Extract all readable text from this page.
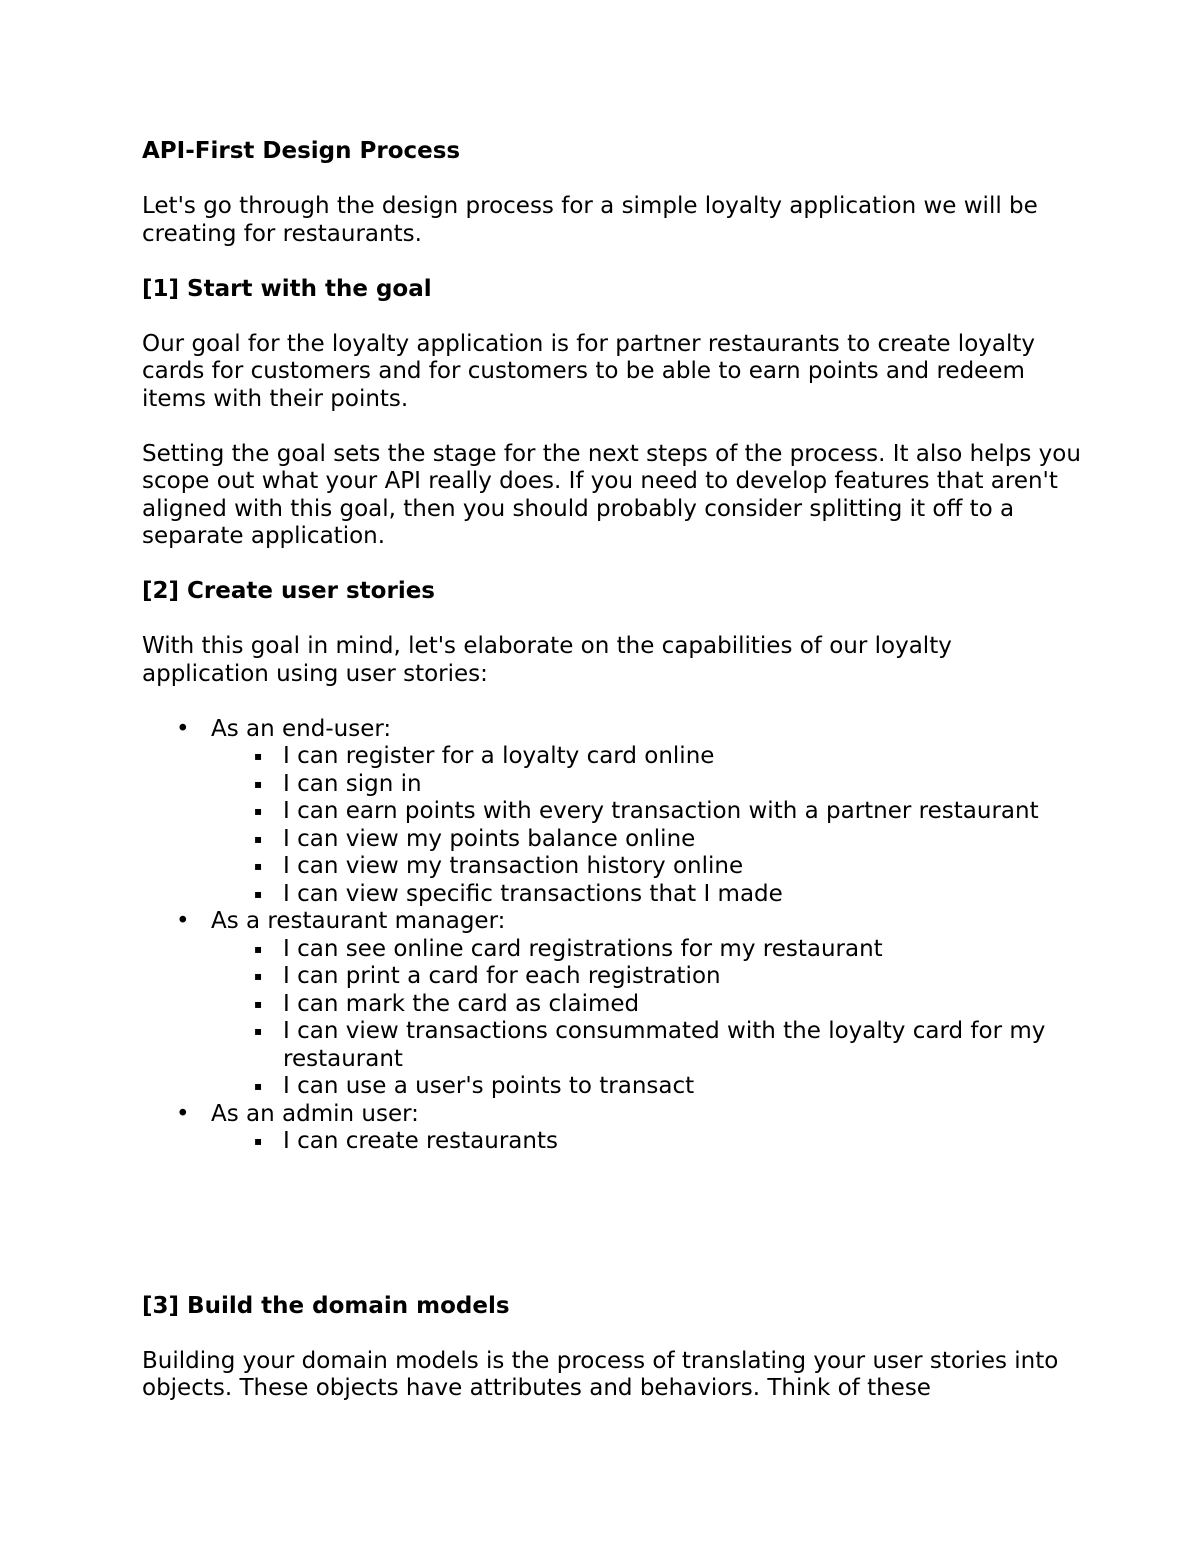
API-First Design Process

Let's go through the design process for a simple loyalty application we will be creating for restaurants.

[1] Start with the goal

Our goal for the loyalty application is for partner restaurants to create loyalty cards for customers and for customers to be able to earn points and redeem items with their points.

Setting the goal sets the stage for the next steps of the process. It also helps you scope out what your API really does. If you need to develop features that aren't aligned with this goal, then you should probably consider splitting it off to a separate application.

[2] Create user stories

With this goal in mind, let's elaborate on the capabilities of our loyalty application using user stories:

• As an end-user:
▪ I can register for a loyalty card online
▪ I can sign in
▪ I can earn points with every transaction with a partner restaurant
▪ I can view my points balance online
▪ I can view my transaction history online
▪ I can view specific transactions that I made
• As a restaurant manager:
▪ I can see online card registrations for my restaurant
▪ I can print a card for each registration
▪ I can mark the card as claimed
▪ I can view transactions consummated with the loyalty card for my restaurant
▪ I can use a user's points to transact
• As an admin user:
▪ I can create restaurants
[3] Build the domain models

Building your domain models is the process of translating your user stories into objects. These objects have attributes and behaviors. Think of these
